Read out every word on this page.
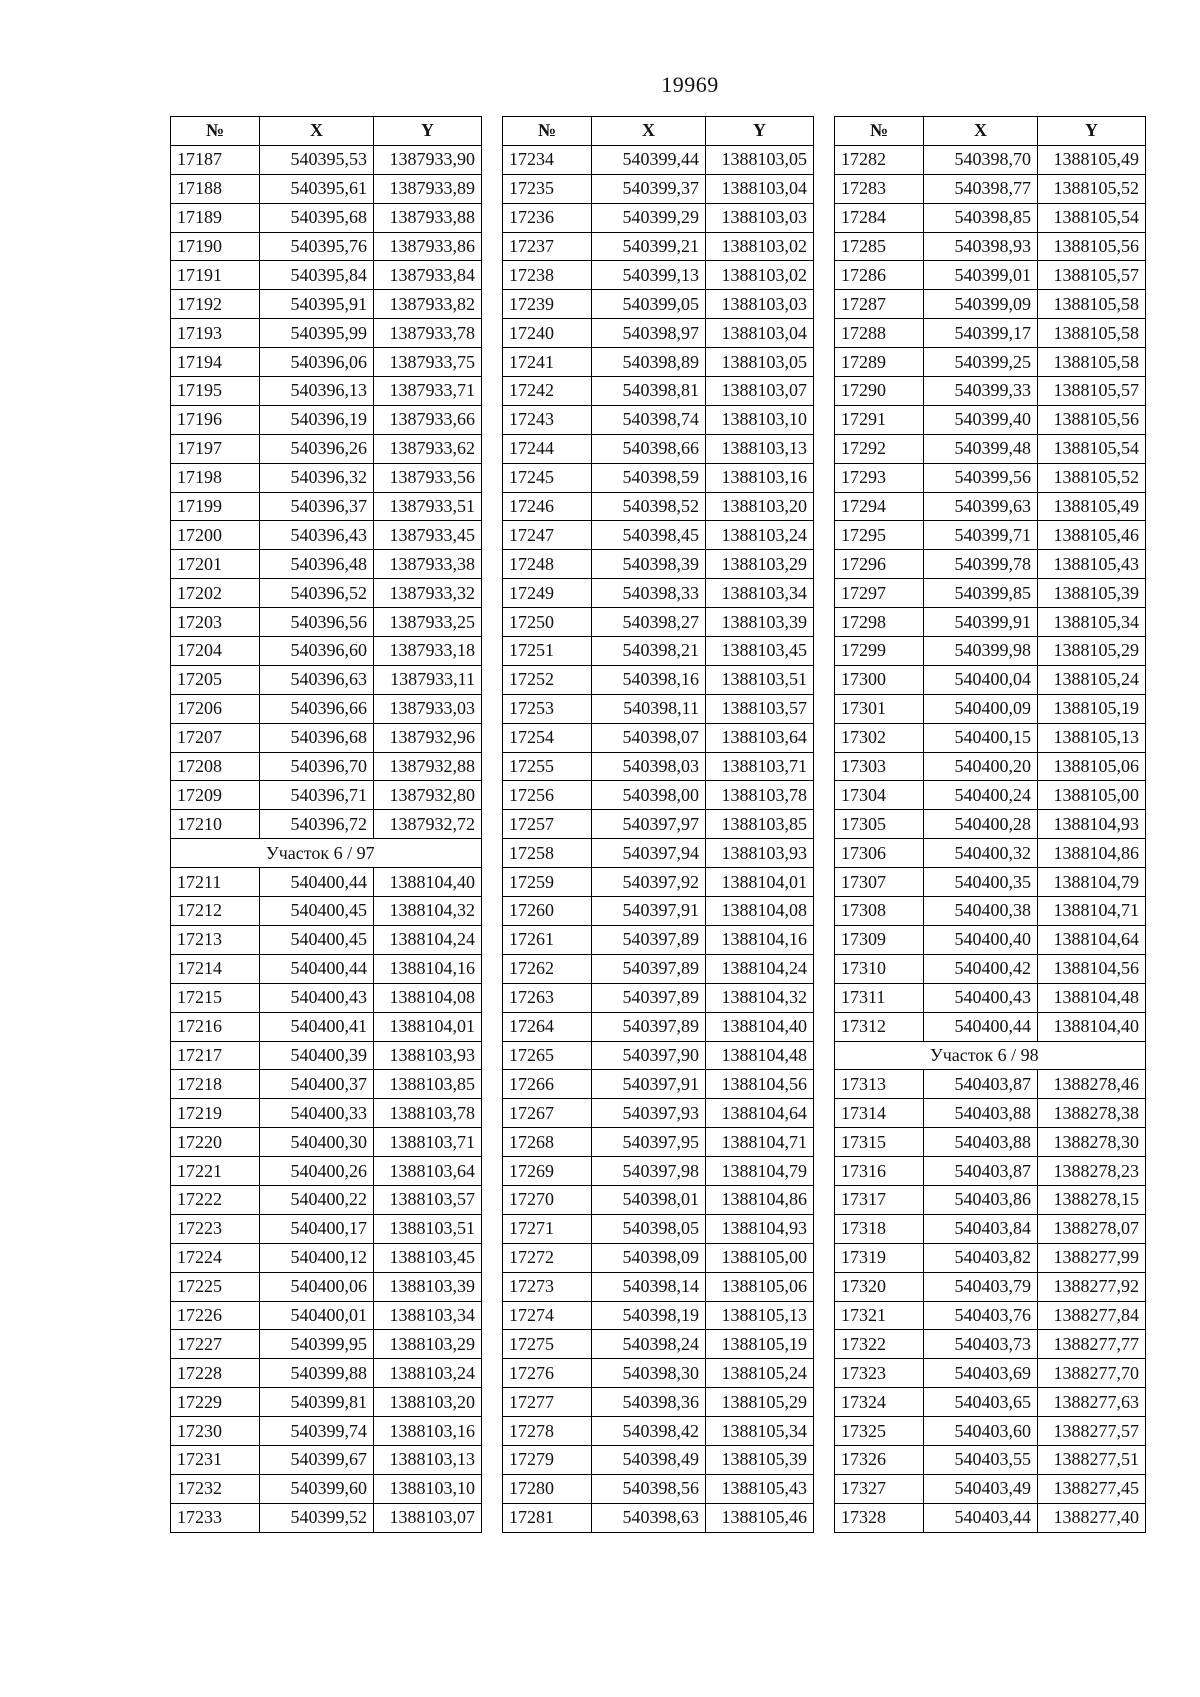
19969
№	X	Y
17187	540395,53	1387933,90
17188	540395,61	1387933,89
17189	540395,68	1387933,88
17190	540395,76	1387933,86
17191	540395,84	1387933,84
17192	540395,91	1387933,82
17193	540395,99	1387933,78
17194	540396,06	1387933,75
17195	540396,13	1387933,71
17196	540396,19	1387933,66
17197	540396,26	1387933,62
17198	540396,32	1387933,56
17199	540396,37	1387933,51
17200	540396,43	1387933,45
17201	540396,48	1387933,38
17202	540396,52	1387933,32
17203	540396,56	1387933,25
17204	540396,60	1387933,18
17205	540396,63	1387933,11
17206	540396,66	1387933,03
17207	540396,68	1387932,96
17208	540396,70	1387932,88
17209	540396,71	1387932,80
17210	540396,72	1387932,72
Участок 6 / 97		
17211	540400,44	1388104,40
17212	540400,45	1388104,32
17213	540400,45	1388104,24
17214	540400,44	1388104,16
17215	540400,43	1388104,08
17216	540400,41	1388104,01
17217	540400,39	1388103,93
17218	540400,37	1388103,85
17219	540400,33	1388103,78
17220	540400,30	1388103,71
17221	540400,26	1388103,64
17222	540400,22	1388103,57
17223	540400,17	1388103,51
17224	540400,12	1388103,45
17225	540400,06	1388103,39
17226	540400,01	1388103,34
17227	540399,95	1388103,29
17228	540399,88	1388103,24
17229	540399,81	1388103,20
17230	540399,74	1388103,16
17231	540399,67	1388103,13
17232	540399,60	1388103,10
17233	540399,52	1388103,07
№	X	Y
17234	540399,44	1388103,05
17235	540399,37	1388103,04
17236	540399,29	1388103,03
17237	540399,21	1388103,02
17238	540399,13	1388103,02
17239	540399,05	1388103,03
17240	540398,97	1388103,04
17241	540398,89	1388103,05
17242	540398,81	1388103,07
17243	540398,74	1388103,10
17244	540398,66	1388103,13
17245	540398,59	1388103,16
17246	540398,52	1388103,20
17247	540398,45	1388103,24
17248	540398,39	1388103,29
17249	540398,33	1388103,34
17250	540398,27	1388103,39
17251	540398,21	1388103,45
17252	540398,16	1388103,51
17253	540398,11	1388103,57
17254	540398,07	1388103,64
17255	540398,03	1388103,71
17256	540398,00	1388103,78
17257	540397,97	1388103,85
17258	540397,94	1388103,93
17259	540397,92	1388104,01
17260	540397,91	1388104,08
17261	540397,89	1388104,16
17262	540397,89	1388104,24
17263	540397,89	1388104,32
17264	540397,89	1388104,40
17265	540397,90	1388104,48
17266	540397,91	1388104,56
17267	540397,93	1388104,64
17268	540397,95	1388104,71
17269	540397,98	1388104,79
17270	540398,01	1388104,86
17271	540398,05	1388104,93
17272	540398,09	1388105,00
17273	540398,14	1388105,06
17274	540398,19	1388105,13
17275	540398,24	1388105,19
17276	540398,30	1388105,24
17277	540398,36	1388105,29
17278	540398,42	1388105,34
17279	540398,49	1388105,39
17280	540398,56	1388105,43
17281	540398,63	1388105,46
№	X	Y
17282	540398,70	1388105,49
17283	540398,77	1388105,52
17284	540398,85	1388105,54
17285	540398,93	1388105,56
17286	540399,01	1388105,57
17287	540399,09	1388105,58
17288	540399,17	1388105,58
17289	540399,25	1388105,58
17290	540399,33	1388105,57
17291	540399,40	1388105,56
17292	540399,48	1388105,54
17293	540399,56	1388105,52
17294	540399,63	1388105,49
17295	540399,71	1388105,46
17296	540399,78	1388105,43
17297	540399,85	1388105,39
17298	540399,91	1388105,34
17299	540399,98	1388105,29
17300	540400,04	1388105,24
17301	540400,09	1388105,19
17302	540400,15	1388105,13
17303	540400,20	1388105,06
17304	540400,24	1388105,00
17305	540400,28	1388104,93
17306	540400,32	1388104,86
17307	540400,35	1388104,79
17308	540400,38	1388104,71
17309	540400,40	1388104,64
17310	540400,42	1388104,56
17311	540400,43	1388104,48
17312	540400,44	1388104,40
Участок 6 / 98		
17313	540403,87	1388278,46
17314	540403,88	1388278,38
17315	540403,88	1388278,30
17316	540403,87	1388278,23
17317	540403,86	1388278,15
17318	540403,84	1388278,07
17319	540403,82	1388277,99
17320	540403,79	1388277,92
17321	540403,76	1388277,84
17322	540403,73	1388277,77
17323	540403,69	1388277,70
17324	540403,65	1388277,63
17325	540403,60	1388277,57
17326	540403,55	1388277,51
17327	540403,49	1388277,45
17328	540403,44	1388277,40
